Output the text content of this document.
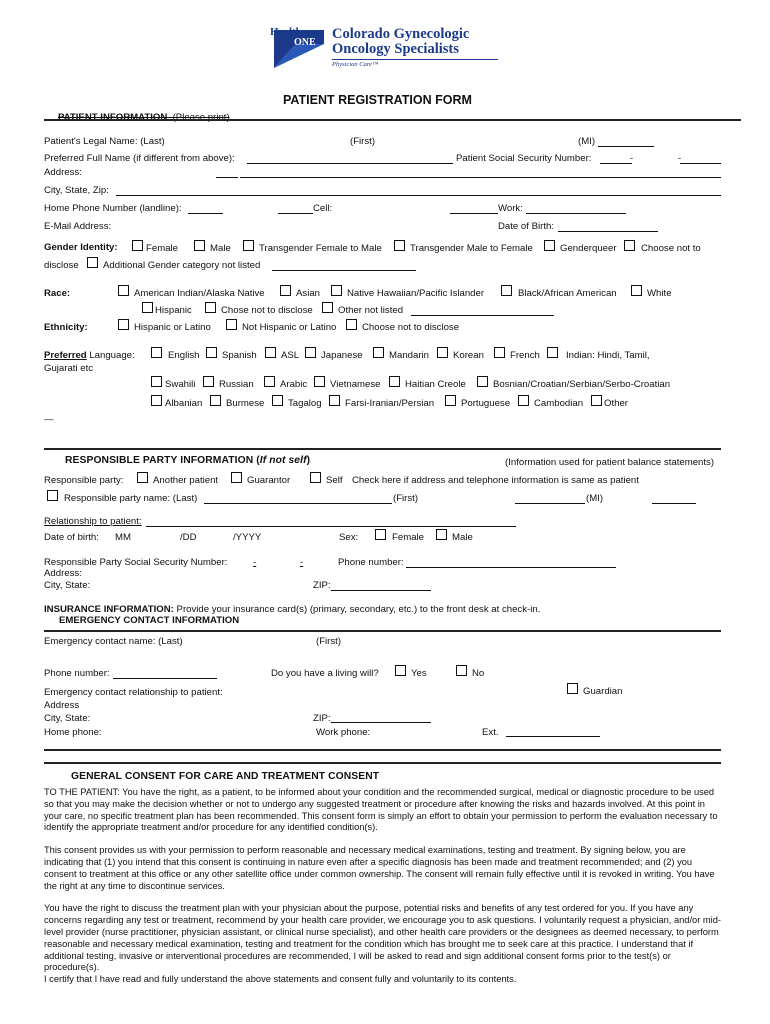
Health
ONE
Colorado Gynecologic
Oncology Specialists
Physician Care™
PATIENT REGISTRATION FORM
PATIENT INFORMATION (Please print)
Patient's Legal Name: (Last)	(First)	(MI)
Preferred Full Name (if different from above):	Patient Social Security Number:	-	-
Address:
City, State, Zip:
Home Phone Number (landline):	Cell:	Work:
E-Mail Address:	Date of Birth:
Gender Identity:	Female	Male	Transgender Female to Male	Transgender Male to Female	Genderqueer	Choose not to
disclose	Additional Gender category not listed
Race:	American Indian/Alaska Native	Asian	Native Hawaiian/Pacific Islander	Black/African American	White
Hispanic	Chose not to disclose	Other not listed
Ethnicity:	Hispanic or Latino	Not Hispanic or Latino	Choose not to disclose
Preferred Language:	English Spanish	ASL Japanese	Mandarin	Korean	French	Indian: Hindi, Tamil,
Gujarati etc
Swahili Russian	Arabic Vietnamese	Haitian Creole	Bosnian/Croatian/Serbian/Serbo-Croatian
Albanian Burmese Tagalog Farsi-Iranian/Persian	Portuguese Cambodian Other
—
RESPONSIBLE PARTY INFORMATION (If not self)	(Information used for patient balance statements)
Responsible party:	Another patient	Guarantor	Self Check here if address and telephone information is same as patient
Responsible party name: (Last)	(First)	(MI)
Relationship to patient:
Date of birth: MM	/DD	/YYYY	Sex:	Female	Male
Responsible Party Social Security Number:	-	-	Phone number:
Address:
City, State:	ZIP:
INSURANCE INFORMATION: Provide your insurance card(s) (primary, secondary, etc.) to the front desk at check-in.
EMERGENCY CONTACT INFORMATION
Emergency contact name: (Last)	(First)
Phone number:	Do you have a living will?	Yes	No
Emergency contact relationship to patient:	Guardian
Address
City, State:	ZIP:
Home phone:	Work phone:	Ext.
GENERAL CONSENT FOR CARE AND TREATMENT CONSENT

TO THE PATIENT: You have the right, as a patient, to be informed about your condition and the recommended surgical, medical or diagnostic procedure to be used so that you may make the decision whether or not to undergo any suggested treatment or procedure after knowing the risks and hazards involved. At this point in your care, no specific treatment plan has been recommended. This consent form is simply an effort to obtain your permission to perform the evaluation necessary to identify the appropriate treatment and/or procedure for any identified condition(s).

This consent provides us with your permission to perform reasonable and necessary medical examinations, testing and treatment. By signing below, you are indicating that (1) you intend that this consent is continuing in nature even after a specific diagnosis has been made and treatment recommended; and (2) you consent to treatment at this office or any other satellite office under common ownership. The consent will remain fully effective until it is revoked in writing. You have the right at any time to discontinue services.

You have the right to discuss the treatment plan with your physician about the purpose, potential risks and benefits of any test ordered for you. If you have any concerns regarding any test or treatment, recommend by your health care provider, we encourage you to ask questions. I voluntarily request a physician, and/or mid-level provider (nurse practitioner, physician assistant, or clinical nurse specialist), and other health care providers or the designees as deemed necessary, to perform reasonable and necessary medical examination, testing and treatment for the condition which has brought me to seek care at this practice. I understand that if additional testing, invasive or interventional procedures are recommended, I will be asked to read and sign additional consent forms prior to the test(s) or procedure(s).

I certify that I have read and fully understand the above statements and consent fully and voluntarily to its contents.
